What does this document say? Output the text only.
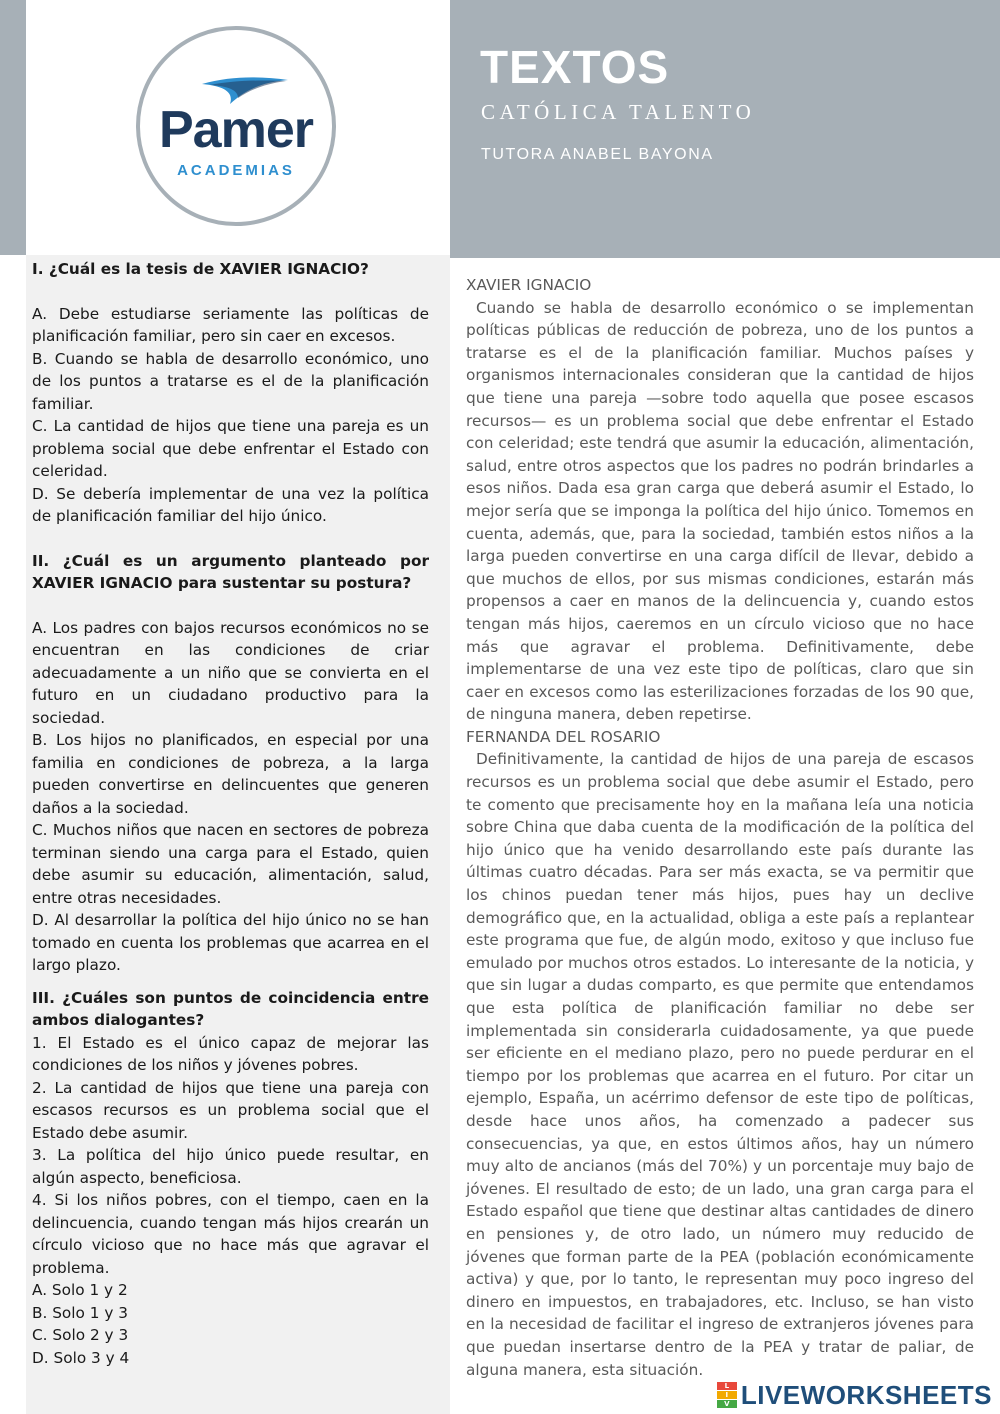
Pamer
ACADEMIAS
TEXTOS
CATÓLICA TALENTO
TUTORA ANABEL BAYONA

I. ¿Cuál es la tesis de XAVIER IGNACIO?

A. Debe estudiarse seriamente las políticas de planificación familiar, pero sin caer en excesos.

B. Cuando se habla de desarrollo económico, uno de los puntos a tratarse es el de la planificación familiar.

C. La cantidad de hijos que tiene una pareja es un problema social que debe enfrentar el Estado con celeridad.

D. Se debería implementar de una vez la política de planificación familiar del hijo único.

II. ¿Cuál es un argumento planteado por XAVIER IGNACIO para sustentar su postura?

A. Los padres con bajos recursos económicos no se encuentran en las condiciones de criar adecuadamente a un niño que se convierta en el futuro en un ciudadano productivo para la sociedad.

B. Los hijos no planificados, en especial por una familia en condiciones de pobreza, a la larga pueden convertirse en delincuentes que generen daños a la sociedad.

C. Muchos niños que nacen en sectores de pobreza terminan siendo una carga para el Estado, quien debe asumir su educación, alimentación, salud, entre otras necesidades.

D. Al desarrollar la política del hijo único no se han tomado en cuenta los problemas que acarrea en el largo plazo.

III. ¿Cuáles son puntos de coincidencia entre ambos dialogantes?

1. El Estado es el único capaz de mejorar las condiciones de los niños y jóvenes pobres.

2. La cantidad de hijos que tiene una pareja con escasos recursos es un problema social que el Estado debe asumir.

3. La política del hijo único puede resultar, en algún aspecto, beneficiosa.

4. Si los niños pobres, con el tiempo, caen en la delincuencia, cuando tengan más hijos crearán un círculo vicioso que no hace más que agravar el problema.

A. Solo 1 y 2

B. Solo 1 y 3

C. Solo 2 y 3

D. Solo 3 y 4

XAVIER IGNACIO

Cuando se habla de desarrollo económico o se implementan políticas públicas de reducción de pobreza, uno de los puntos a tratarse es el de la planificación familiar. Muchos países y organismos internacionales consideran que la cantidad de hijos que tiene una pareja —sobre todo aquella que posee escasos recursos— es un problema social que debe enfrentar el Estado con celeridad; este tendrá que asumir la educación, alimentación, salud, entre otros aspectos que los padres no podrán brindarles a esos niños. Dada esa gran carga que deberá asumir el Estado, lo mejor sería que se imponga la política del hijo único. Tomemos en cuenta, además, que, para la sociedad, también estos niños a la larga pueden convertirse en una carga difícil de llevar, debido a que muchos de ellos, por sus mismas condiciones, estarán más propensos a caer en manos de la delincuencia y, cuando estos tengan más hijos, caeremos en un círculo vicioso que no hace más que agravar el problema. Definitivamente, debe implementarse de una vez este tipo de políticas, claro que sin caer en excesos como las esterilizaciones forzadas de los 90 que, de ninguna manera, deben repetirse.

FERNANDA DEL ROSARIO

Definitivamente, la cantidad de hijos de una pareja de escasos recursos es un problema social que debe asumir el Estado, pero te comento que precisamente hoy en la mañana leía una noticia sobre China que daba cuenta de la modificación de la política del hijo único que ha venido desarrollando este país durante las últimas cuatro décadas. Para ser más exacta, se va permitir que los chinos puedan tener más hijos, pues hay un declive demográfico que, en la actualidad, obliga a este país a replantear este programa que fue, de algún modo, exitoso y que incluso fue emulado por muchos otros estados. Lo interesante de la noticia, y que sin lugar a dudas comparto, es que permite que entendamos que esta política de planificación familiar no debe ser implementada sin considerarla cuidadosamente, ya que puede ser eficiente en el mediano plazo, pero no puede perdurar en el tiempo por los problemas que acarrea en el futuro. Por citar un ejemplo, España, un acérrimo defensor de este tipo de políticas, desde hace unos años, ha comenzado a padecer sus consecuencias, ya que, en estos últimos años, hay un número muy alto de ancianos (más del 70%) y un porcentaje muy bajo de jóvenes. El resultado de esto; de un lado, una gran carga para el Estado español que tiene que destinar altas cantidades de dinero en pensiones y, de otro lado, un número muy reducido de jóvenes que forman parte de la PEA (población económicamente activa) y que, por lo tanto, le representan muy poco ingreso del dinero en impuestos, en trabajadores, etc. Incluso, se han visto en la necesidad de facilitar el ingreso de extranjeros jóvenes para que puedan insertarse dentro de la PEA y tratar de paliar, de alguna manera, esta situación.

L
I
V LIVEWORKSHEETS
